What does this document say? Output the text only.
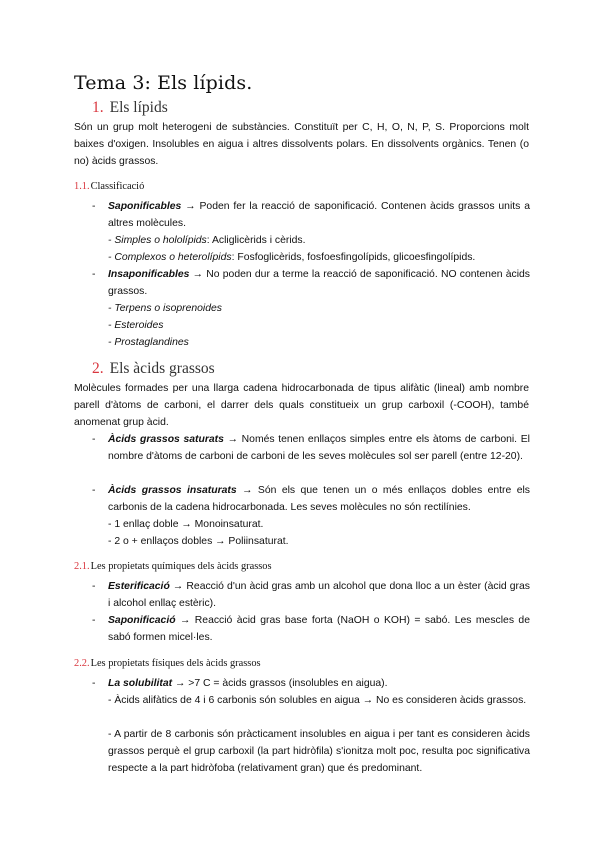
Tema 3: Els lípids.
1. Els lípids

Són un grup molt heterogeni de substàncies. Constituït per C, H, O, N, P, S. Proporcions molt baixes d'oxigen. Insolubles en aigua i altres dissolvents polars. En dissolvents orgànics. Tenen (o no) àcids grassos.

1.1.Classificació
- Saponificables → Poden fer la reacció de saponificació. Contenen àcids grassos units a altres molècules.

- Simples o hololípids: Acliglicèrids i cèrids.

- Complexos o heterolípids: Fosfoglicèrids, fosfoesfingolípids, glicoesfingolípids.

- Insaponificables → No poden dur a terme la reacció de saponificació. NO contenen àcids grassos.

- Terpens o isoprenoides

- Esteroides

- Prostaglandines

2. Els àcids grassos

Molècules formades per una llarga cadena hidrocarbonada de tipus alifàtic (lineal) amb nombre parell d'àtoms de carboni, el darrer dels quals constitueix un grup carboxil (-COOH), també anomenat grup àcid.

- Àcids grassos saturats → Només tenen enllaços simples entre els àtoms de carboni. El nombre d'àtoms de carboni de carboni de les seves molècules sol ser parell (entre 12-20).
- Àcids grassos insaturats → Són els que tenen un o més enllaços dobles entre els carbonis de la cadena hidrocarbonada. Les seves molècules no són rectilínies.

- 1 enllaç doble → Monoinsaturat.

- 2 o + enllaços dobles → Poliinsaturat.

2.1.Les propietats químiques dels àcids grassos
- Esterificació → Reacció d'un àcid gras amb un alcohol que dona lloc a un èster (àcid gras i alcohol enllaç estèric).
- Saponificació → Reacció àcid gras base forta (NaOH o KOH) = sabó. Les mescles de sabó formen micel·les.
2.2.Les propietats físiques dels àcids grassos
- La solubilitat → >7 C = àcids grassos (insolubles en aigua).

- Àcids alifàtics de 4 i 6 carbonis són solubles en aigua → No es consideren àcids grassos.

- A partir de 8 carbonis són pràcticament insolubles en aigua i per tant es consideren àcids grassos perquè el grup carboxil (la part hidròfila) s'ionitza molt poc, resulta poc significativa respecte a la part hidròfoba (relativament gran) que és predominant.
